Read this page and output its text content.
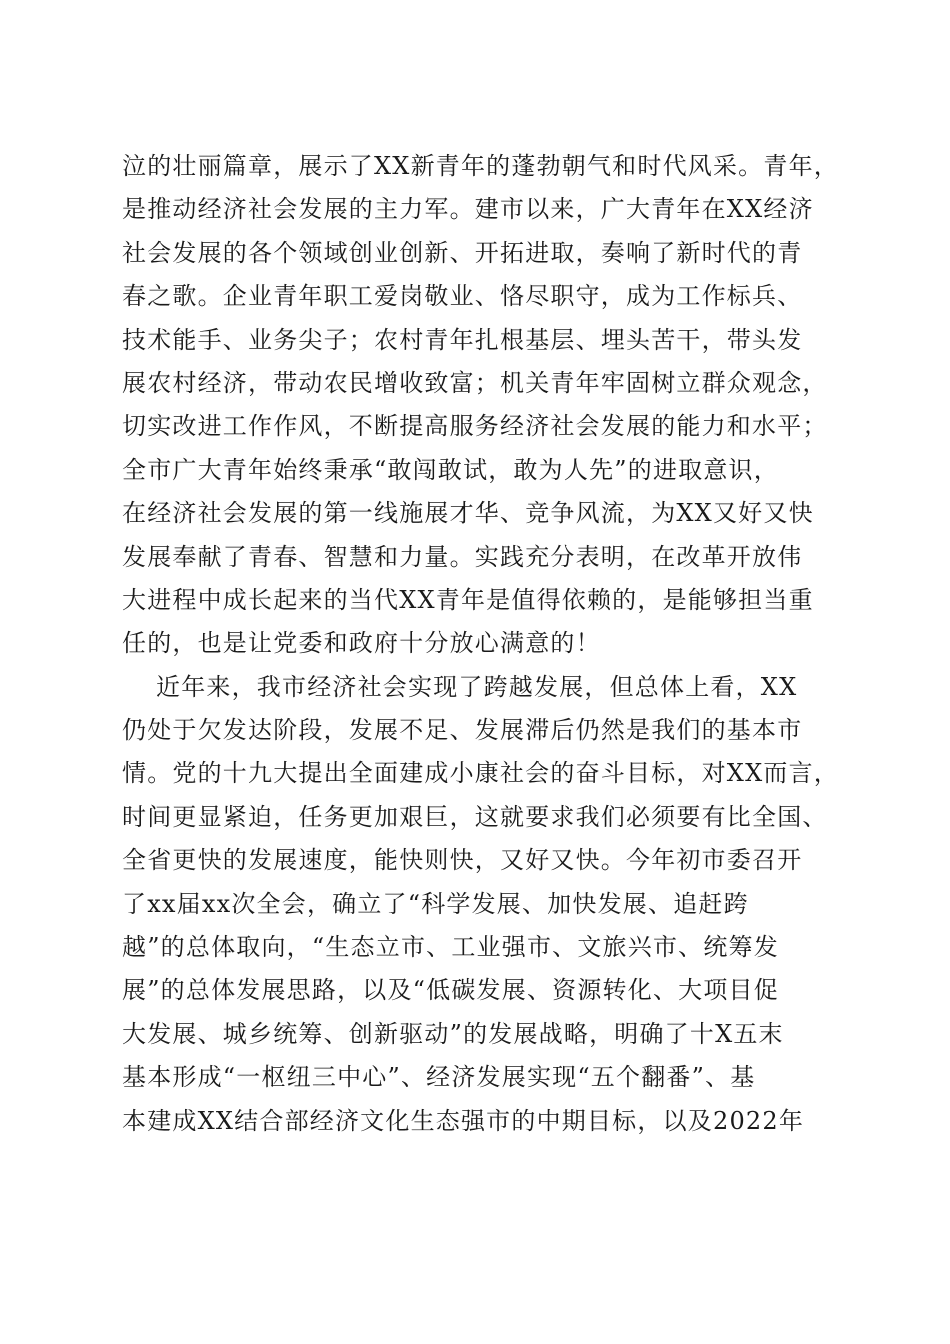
泣的壮丽篇章，展示了XX新青年的蓬勃朝气和时代风采。青年，
是推动经济社会发展的主力军。建市以来，广大青年在XX经济
社会发展的各个领域创业创新、开拓进取，奏响了新时代的青
春之歌。企业青年职工爱岗敬业、恪尽职守，成为工作标兵、
技术能手、业务尖子；农村青年扎根基层、埋头苦干，带头发
展农村经济，带动农民增收致富；机关青年牢固树立群众观念，
切实改进工作作风，不断提高服务经济社会发展的能力和水平；
全市广大青年始终秉承“敢闯敢试，敢为人先”的进取意识，
在经济社会发展的第一线施展才华、竞争风流，为XX又好又快
发展奉献了青春、智慧和力量。实践充分表明，在改革开放伟
大进程中成长起来的当代XX青年是值得依赖的，是能够担当重
任的，也是让党委和政府十分放心满意的！
近年来，我市经济社会实现了跨越发展，但总体上看，XX
仍处于欠发达阶段，发展不足、发展滞后仍然是我们的基本市
情。党的十九大提出全面建成小康社会的奋斗目标，对XX而言，
时间更显紧迫，任务更加艰巨，这就要求我们必须要有比全国、
全省更快的发展速度，能快则快，又好又快。今年初市委召开
了xx届xx次全会，确立了“科学发展、加快发展、追赶跨
越”的总体取向，“生态立市、工业强市、文旅兴市、统筹发
展”的总体发展思路，以及“低碳发展、资源转化、大项目促
大发展、城乡统筹、创新驱动”的发展战略，明确了十X五末
基本形成“一枢纽三中心”、经济发展实现“五个翻番”、基
本建成XX结合部经济文化生态强市的中期目标，以及2022年
